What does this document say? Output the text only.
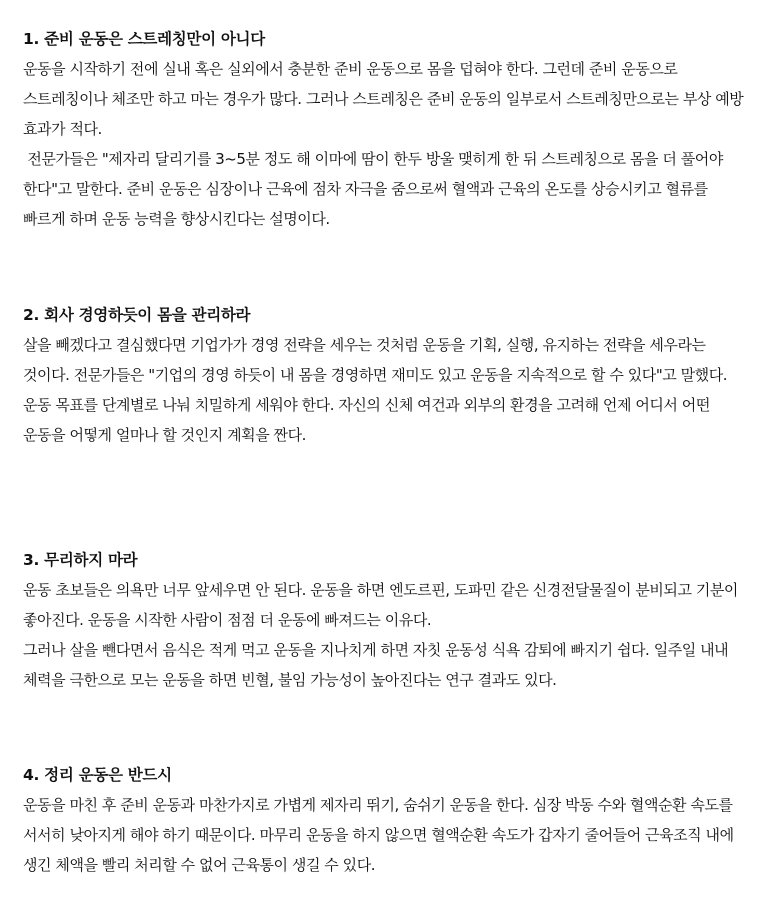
1. 준비 운동은 스트레칭만이 아니다

운동을 시작하기 전에 실내 혹은 실외에서 충분한 준비 운동으로 몸을 덥혀야 한다. 그런데 준비 운동으로 스트레칭이나 체조만 하고 마는 경우가 많다. 그러나 스트레칭은 준비 운동의 일부로서 스트레칭만으로는 부상 예방 효과가 적다.

전문가들은 "제자리 달리기를 3~5분 정도 해 이마에 땀이 한두 방울 맺히게 한 뒤 스트레칭으로 몸을 더 풀어야 한다"고 말한다. 준비 운동은 심장이나 근육에 점차 자극을 줌으로써 혈액과 근육의 온도를 상승시키고 혈류를 빠르게 하며 운동 능력을 향상시킨다는 설명이다.

2. 회사 경영하듯이 몸을 관리하라

살을 빼겠다고 결심했다면 기업가가 경영 전략을 세우는 것처럼 운동을 기획, 실행, 유지하는 전략을 세우라는 것이다. 전문가들은 "기업의 경영 하듯이 내 몸을 경영하면 재미도 있고 운동을 지속적으로 할 수 있다"고 말했다.

운동 목표를 단계별로 나눠 치밀하게 세워야 한다. 자신의 신체 여건과 외부의 환경을 고려해 언제 어디서 어떤 운동을 어떻게 얼마나 할 것인지 계획을 짠다.

3. 무리하지 마라

운동 초보들은 의욕만 너무 앞세우면 안 된다. 운동을 하면 엔도르핀, 도파민 같은 신경전달물질이 분비되고 기분이 좋아진다. 운동을 시작한 사람이 점점 더 운동에 빠져드는 이유다.

그러나 살을 뺀다면서 음식은 적게 먹고 운동을 지나치게 하면 자칫 운동성 식욕 감퇴에 빠지기 쉽다. 일주일 내내 체력을 극한으로 모는 운동을 하면 빈혈, 불임 가능성이 높아진다는 연구 결과도 있다.

4. 정리 운동은 반드시

운동을 마친 후 준비 운동과 마찬가지로 가볍게 제자리 뛰기, 숨쉬기 운동을 한다. 심장 박동 수와 혈액순환 속도를 서서히 낮아지게 해야 하기 때문이다. 마무리 운동을 하지 않으면 혈액순환 속도가 갑자기 줄어들어 근육조직 내에 생긴 체액을 빨리 처리할 수 없어 근육통이 생길 수 있다.
